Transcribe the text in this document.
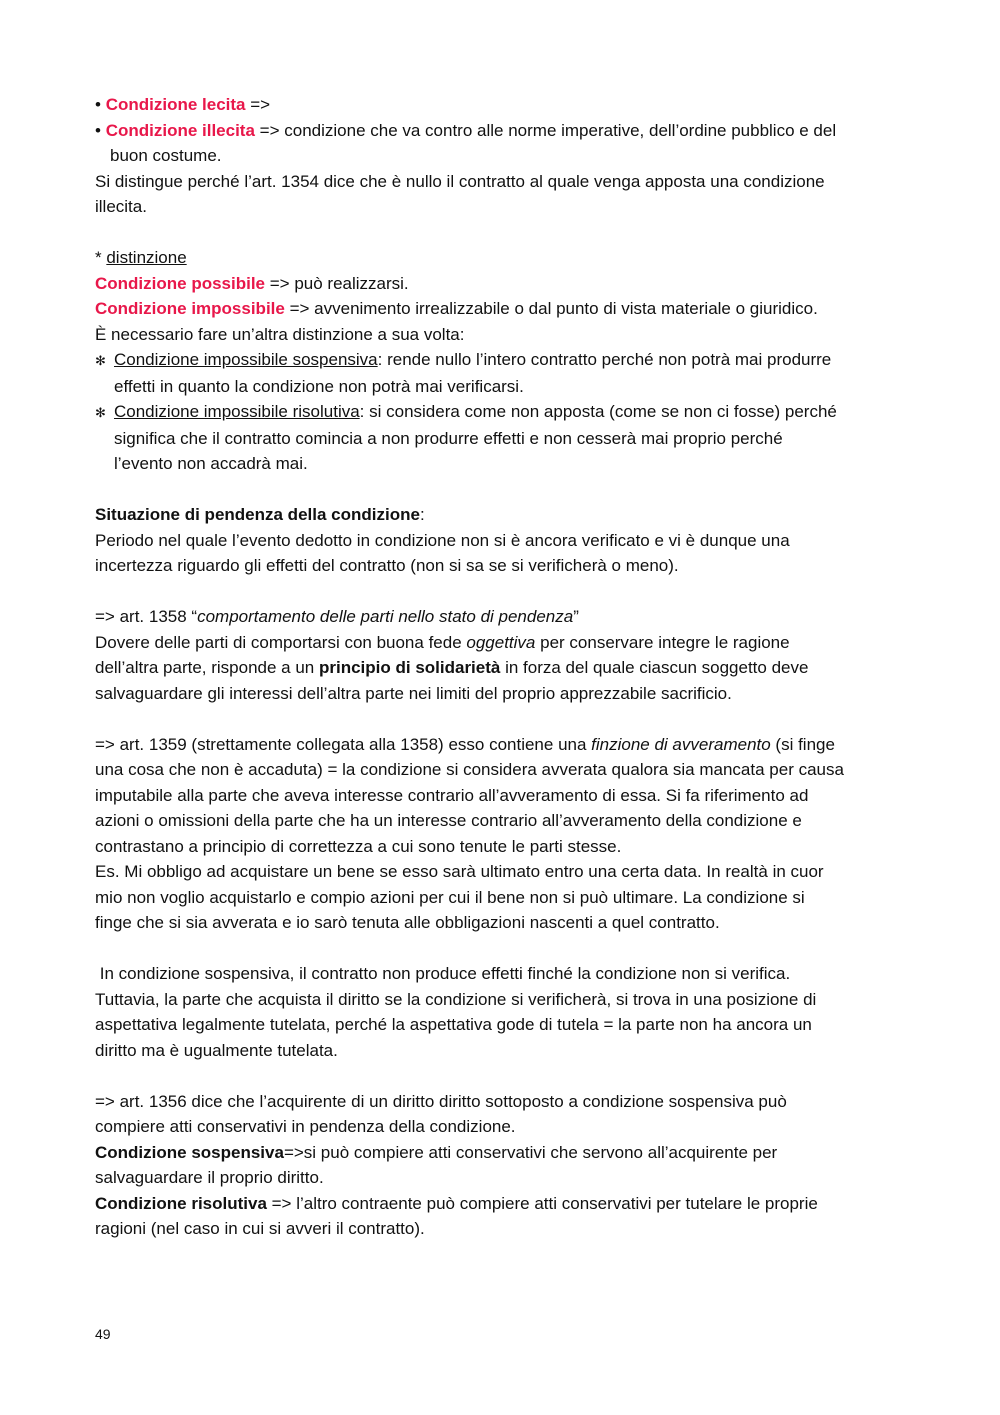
• Condizione lecita =>
• Condizione illecita => condizione che va contro alle norme imperative, dell’ordine pubblico e del
buon costume.
Si distingue perché l’art. 1354 dice che è nullo il contratto al quale venga apposta una condizione
illecita.
* distinzione
Condizione possibile => può realizzarsi.
Condizione impossibile => avvenimento irrealizzabile o dal punto di vista materiale o giuridico.
È necessario fare un’altra distinzione a sua volta:
✻ Condizione impossibile sospensiva: rende nullo l’intero contratto perché non potrà mai produrre
effetti in quanto la condizione non potrà mai verificarsi.
✻ Condizione impossibile risolutiva: si considera come non apposta (come se non ci fosse) perché
significa che il contratto comincia a non produrre effetti e non cesserà mai proprio perché
l’evento non accadrà mai.
Situazione di pendenza della condizione:
Periodo nel quale l’evento dedotto in condizione non si è ancora verificato e vi è dunque una
incertezza riguardo gli effetti del contratto (non si sa se si verificherà o meno).
=> art. 1358 “comportamento delle parti nello stato di pendenza”
Dovere delle parti di comportarsi con buona fede oggettiva per conservare integre le ragione
dell’altra parte, risponde a un principio di solidarietà in forza del quale ciascun soggetto deve
salvaguardare gli interessi dell’altra parte nei limiti del proprio apprezzabile sacrificio.
=> art. 1359 (strettamente collegata alla 1358) esso contiene una finzione di avveramento (si finge
una cosa che non è accaduta) = la condizione si considera avverata qualora sia mancata per causa
imputabile alla parte che aveva interesse contrario all’avveramento di essa. Si fa riferimento ad
azioni o omissioni della parte che ha un interesse contrario all’avveramento della condizione e
contrastano a principio di correttezza a cui sono tenute le parti stesse.
Es. Mi obbligo ad acquistare un bene se esso sarà ultimato entro una certa data. In realtà in cuor
mio non voglio acquistarlo e compio azioni per cui il bene non si può ultimare. La condizione si
finge che si sia avverata e io sarò tenuta alle obbligazioni nascenti a quel contratto.
In condizione sospensiva, il contratto non produce effetti finché la condizione non si verifica.
Tuttavia, la parte che acquista il diritto se la condizione si verificherà, si trova in una posizione di
aspettativa legalmente tutelata, perché la aspettativa gode di tutela = la parte non ha ancora un
diritto ma è ugualmente tutelata.
=> art. 1356 dice che l’acquirente di un diritto diritto sottoposto a condizione sospensiva può
compiere atti conservativi in pendenza della condizione.
Condizione sospensiva=>si può compiere atti conservativi che servono all’acquirente per
salvaguardare il proprio diritto.
Condizione risolutiva => l’altro contraente può compiere atti conservativi per tutelare le proprie
ragioni (nel caso in cui si avveri il contratto).
49
